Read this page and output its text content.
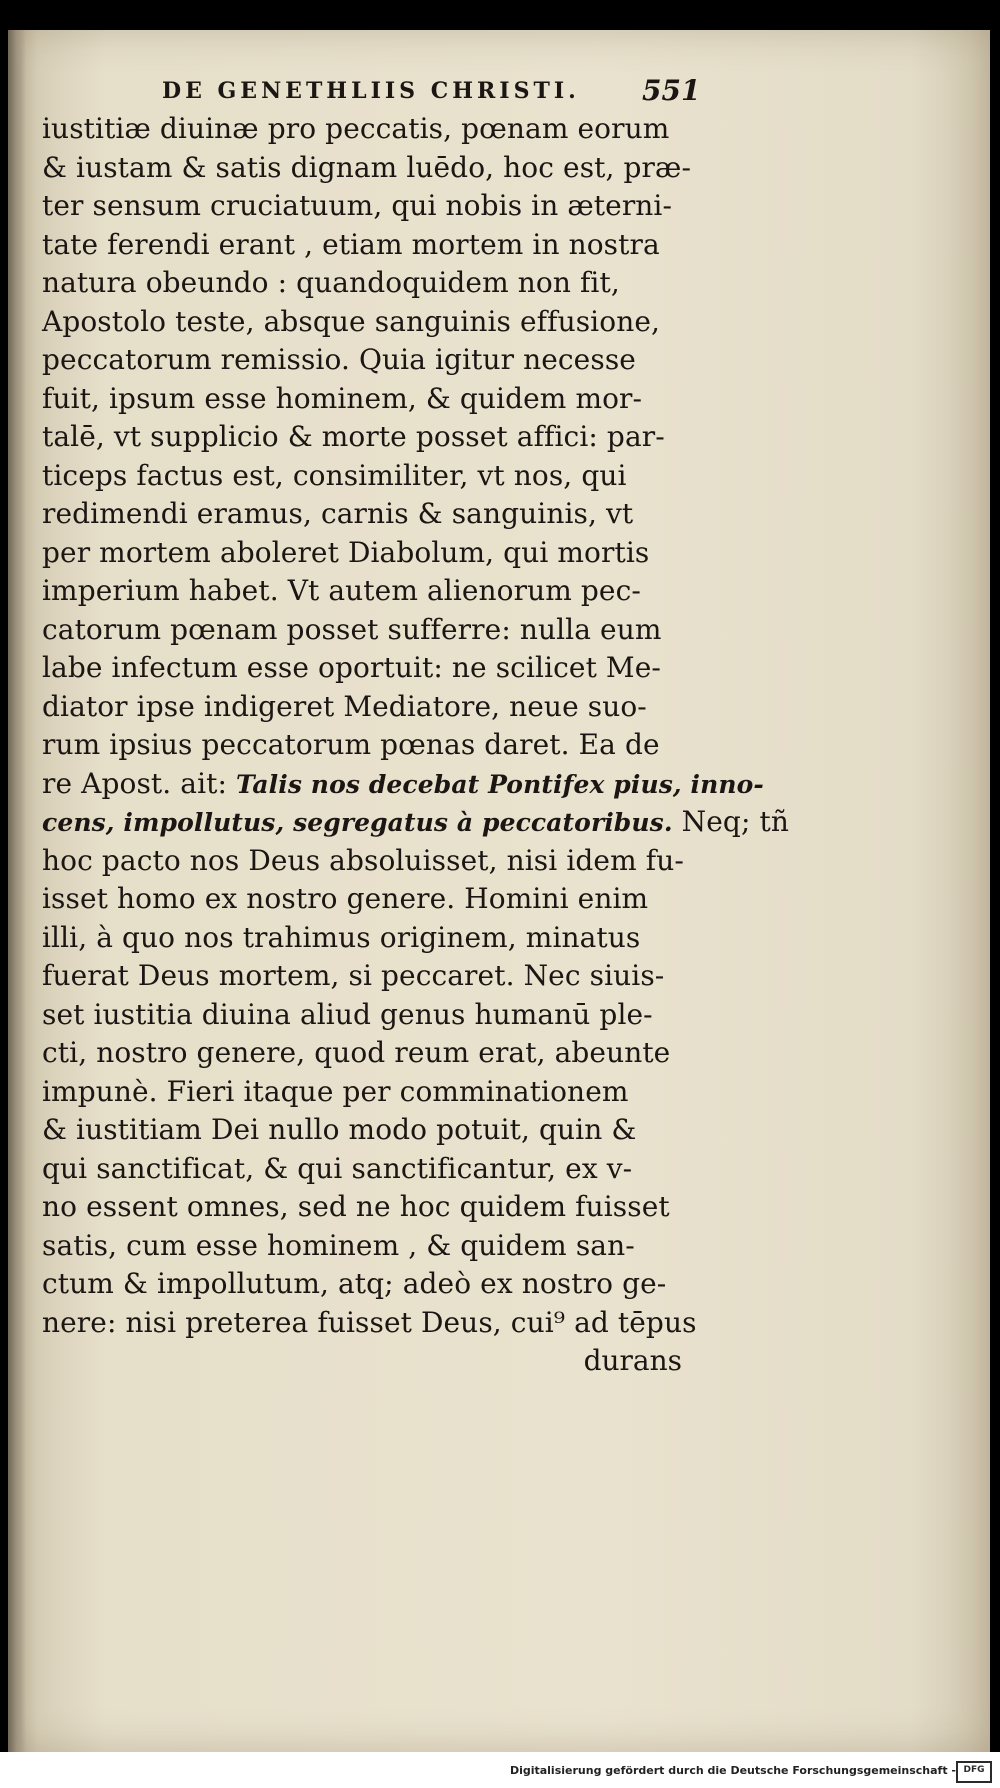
DE GENETHLIIS CHRISTI. 551
iustitiæ diuinæ pro peccatis, pœnam eorum
& iustam & satis dignam luēdo, hoc est, præ-
ter sensum cruciatuum, qui nobis in æterni-
tate ferendi erant , etiam mortem in nostra
natura obeundo : quandoquidem non fit,
Apostolo teste, absque sanguinis effusione,
peccatorum remissio. Quia igitur necesse
fuit, ipsum esse hominem, & quidem mor-
talē, vt supplicio & morte posset affici: par-
ticeps factus est, consimiliter, vt nos, qui
redimendi eramus, carnis & sanguinis, vt
per mortem aboleret Diabolum, qui mortis
imperium habet. Vt autem alienorum pec-
catorum pœnam posset sufferre: nulla eum
labe infectum esse oportuit: ne scilicet Me-
diator ipse indigeret Mediatore, neue suo-
rum ipsius peccatorum pœnas daret. Ea de
re Apost. ait: Talis nos decebat Pontifex pius, inno-
cens, impollutus, segregatus à peccatoribus. Neq; tñ
hoc pacto nos Deus absoluisset, nisi idem fu-
isset homo ex nostro genere. Homini enim
illi, à quo nos trahimus originem, minatus
fuerat Deus mortem, si peccaret. Nec siuis-
set iustitia diuina aliud genus humanū ple-
cti, nostro genere, quod reum erat, abeunte
impunè. Fieri itaque per comminationem
& iustitiam Dei nullo modo potuit, quin &
qui sanctificat, & qui sanctificantur, ex v-
no essent omnes, sed ne hoc quidem fuisset
satis, cum esse hominem , & quidem san-
ctum & impollutum, atq; adeò ex nostro ge-
nere: nisi preterea fuisset Deus, cui⁹ ad tēpus
durans
Digitalisierung gefördert durch die Deutsche Forschungsgemeinschaft - DFG
